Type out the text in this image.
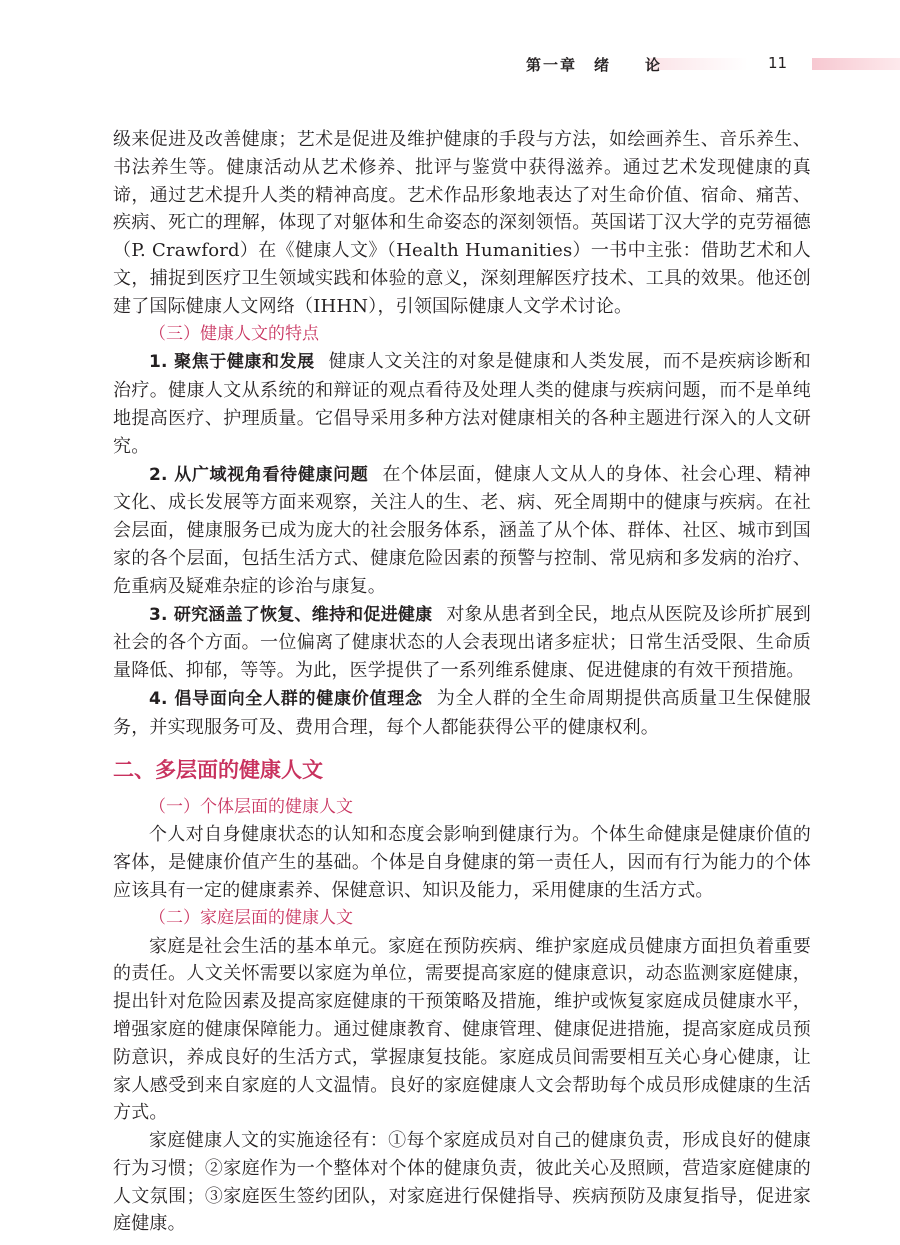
第一章　绪　　论	11

级来促进及改善健康；艺术是促进及维护健康的手段与方法，如绘画养生、音乐养生、书法养生等。健康活动从艺术修养、批评与鉴赏中获得滋养。通过艺术发现健康的真谛，通过艺术提升人类的精神高度。艺术作品形象地表达了对生命价值、宿命、痛苦、疾病、死亡的理解，体现了对躯体和生命姿态的深刻领悟。英国诺丁汉大学的克劳福德（P. Crawford）在《健康人文》（Health Humanities）一书中主张：借助艺术和人文，捕捉到医疗卫生领域实践和体验的意义，深刻理解医疗技术、工具的效果。他还创建了国际健康人文网络（IHHN），引领国际健康人文学术讨论。

（三）健康人文的特点

1. 聚焦于健康和发展 健康人文关注的对象是健康和人类发展，而不是疾病诊断和治疗。健康人文从系统的和辩证的观点看待及处理人类的健康与疾病问题，而不是单纯地提高医疗、护理质量。它倡导采用多种方法对健康相关的各种主题进行深入的人文研究。

2. 从广域视角看待健康问题 在个体层面，健康人文从人的身体、社会心理、精神文化、成长发展等方面来观察，关注人的生、老、病、死全周期中的健康与疾病。在社会层面，健康服务已成为庞大的社会服务体系，涵盖了从个体、群体、社区、城市到国家的各个层面，包括生活方式、健康危险因素的预警与控制、常见病和多发病的治疗、危重病及疑难杂症的诊治与康复。

3. 研究涵盖了恢复、维持和促进健康 对象从患者到全民，地点从医院及诊所扩展到社会的各个方面。一位偏离了健康状态的人会表现出诸多症状；日常生活受限、生命质量降低、抑郁，等等。为此，医学提供了一系列维系健康、促进健康的有效干预措施。

4. 倡导面向全人群的健康价值理念 为全人群的全生命周期提供高质量卫生保健服务，并实现服务可及、费用合理，每个人都能获得公平的健康权利。

二、多层面的健康人文
（一）个体层面的健康人文

个人对自身健康状态的认知和态度会影响到健康行为。个体生命健康是健康价值的客体，是健康价值产生的基础。个体是自身健康的第一责任人，因而有行为能力的个体应该具有一定的健康素养、保健意识、知识及能力，采用健康的生活方式。

（二）家庭层面的健康人文

家庭是社会生活的基本单元。家庭在预防疾病、维护家庭成员健康方面担负着重要的责任。人文关怀需要以家庭为单位，需要提高家庭的健康意识，动态监测家庭健康，提出针对危险因素及提高家庭健康的干预策略及措施，维护或恢复家庭成员健康水平，增强家庭的健康保障能力。通过健康教育、健康管理、健康促进措施，提高家庭成员预防意识，养成良好的生活方式，掌握康复技能。家庭成员间需要相互关心身心健康，让家人感受到来自家庭的人文温情。良好的家庭健康人文会帮助每个成员形成健康的生活方式。

家庭健康人文的实施途径有：①每个家庭成员对自己的健康负责，形成良好的健康行为习惯；②家庭作为一个整体对个体的健康负责，彼此关心及照顾，营造家庭健康的人文氛围；③家庭医生签约团队，对家庭进行保健指导、疾病预防及康复指导，促进家庭健康。
